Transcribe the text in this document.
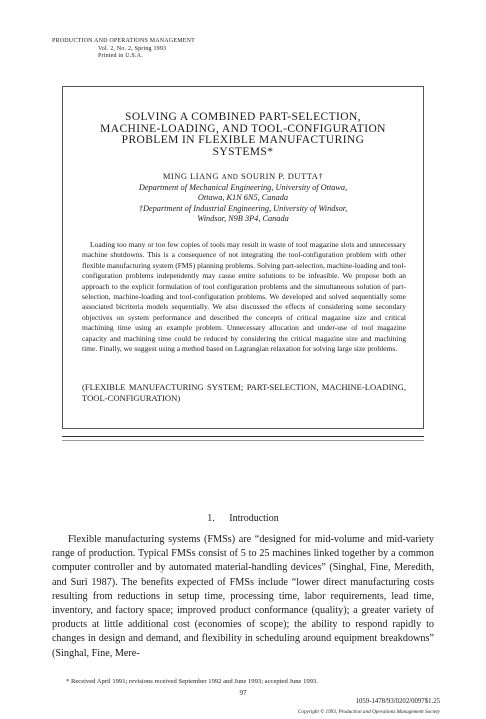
PRODUCTION AND OPERATIONS MANAGEMENT
Vol. 2, No. 2, Spring 1993
Printed in U.S.A.
SOLVING A COMBINED PART-SELECTION,
MACHINE-LOADING, AND TOOL-CONFIGURATION
PROBLEM IN FLEXIBLE MANUFACTURING
SYSTEMS*
MING LIANG AND SOURIN P. DUTTA†
Department of Mechanical Engineering, University of Ottawa,
Ottawa, K1N 6N5, Canada
†Department of Industrial Engineering, University of Windsor,
Windsor, N9B 3P4, Canada

Loading too many or too few copies of tools may result in waste of tool magazine slots and unnecessary machine shutdowns. This is a consequence of not integrating the tool-configuration problem with other flexible manufacturing system (FMS) planning problems. Solving part-selection, machine-loading and tool-configuration problems independently may cause entire solutions to be infeasible. We propose both an approach to the explicit formulation of tool configuration problems and the simultaneous solution of part-selection, machine-loading and tool-configuration problems. We developed and solved sequentially some associated bicriteria models sequentially. We also discussed the effects of considering some secondary objectives on system performance and described the concepts of critical magazine size and critical machining time using an example problem. Unnecessary allocation and under-use of tool magazine capacity and machining time could be reduced by considering the critical magazine size and machining time. Finally, we suggest using a method based on Lagrangian relaxation for solving large size problems.

(FLEXIBLE MANUFACTURING SYSTEM; PART-SELECTION, MACHINE-LOADING, TOOL-CONFIGURATION)

1. Introduction

Flexible manufacturing systems (FMSs) are “designed for mid-volume and mid-variety range of production. Typical FMSs consist of 5 to 25 machines linked together by a common computer controller and by automated material-handling devices” (Singhal, Fine, Meredith, and Suri 1987). The benefits expected of FMSs include “lower direct manufacturing costs resulting from reductions in setup time, processing time, labor requirements, lead time, inventory, and factory space; improved product conformance (quality); a greater variety of products at little additional cost (economies of scope); the ability to respond rapidly to changes in design and demand, and flexibility in scheduling around equipment breakdowns” (Singhal, Fine, Mere-

* Received April 1991; revisions received September 1992 and June 1993; accepted June 1993.
97
1059-1478/93/0202/0097$1.25
Copyright © 1993, Production and Operations Management Society
